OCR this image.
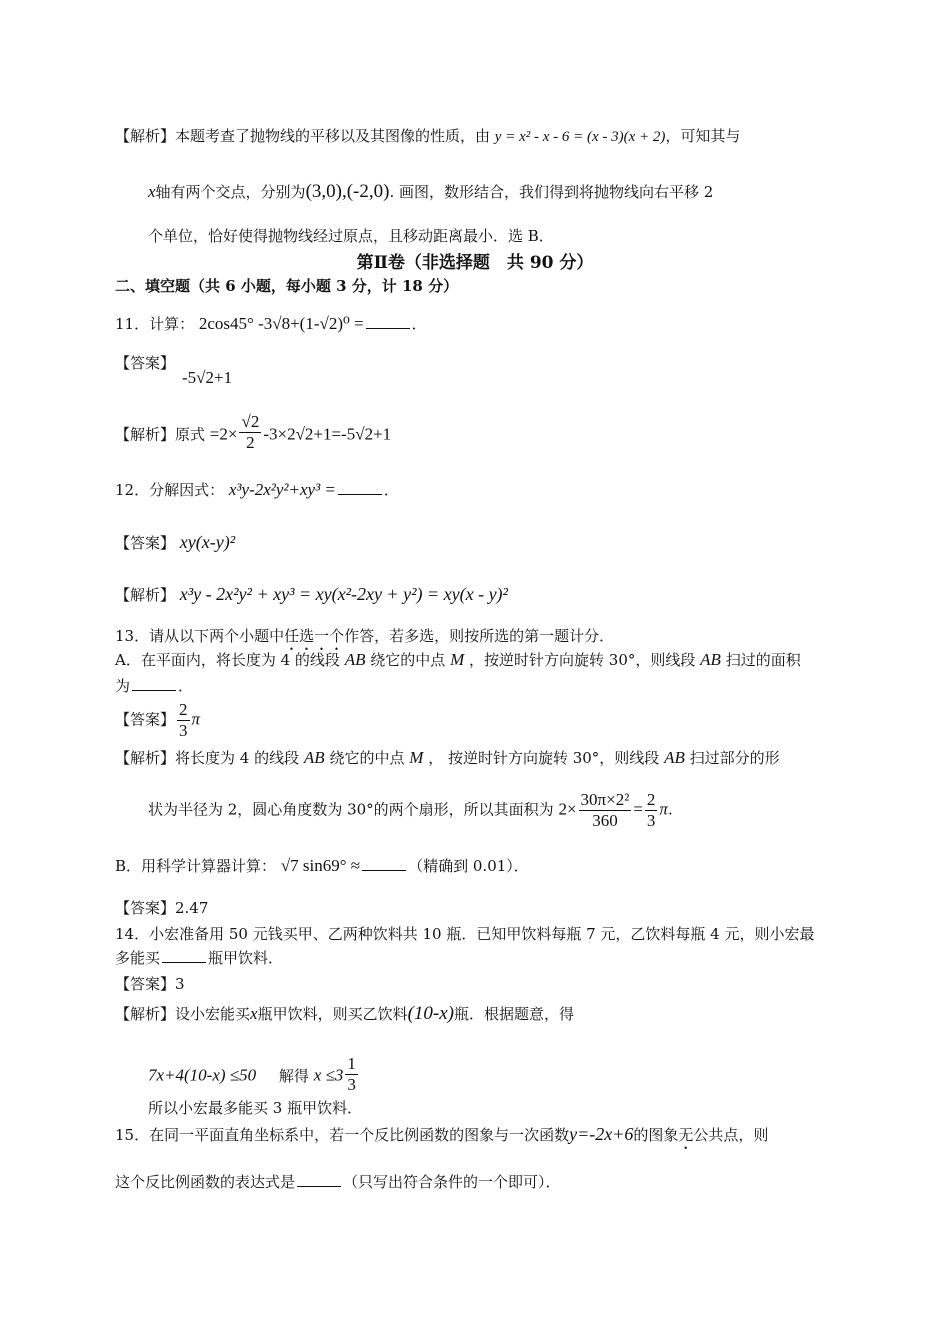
【解析】本题考查了抛物线的平移以及其图像的性质，由 y = x² - x - 6 = (x - 3)(x + 2)，可知其与
x轴有两个交点，分别为(3,0),(-2,0). 画图，数形结合，我们得到将抛物线向右平移 2
个单位，恰好使得抛物线经过原点，且移动距离最小．选 B．
第Ⅱ卷（非选择题　共 90 分）
二、填空题（共 6 小题，每小题 3 分，计 18 分）
11．计算： 2cos45° -3√8+(1-√2)⁰ =	．
【答案】
-5√2+1
【解析】原式 $=2\times \frac{√2}{2} -3\times 2√2+1=-5√2+1$
12．分解因式： x³y-2x²y²+xy³ =	．
【答案】 xy(x-y)²
【解析】 x³y - 2x²y² + xy³ = xy(x²-2xy + y²) = xy(x - y)²
13．请从以下两个小题中任选一个作答，若多选，则按所选的第一题计分．
A．在平面内，将长度为 4 的线段 AB 绕它的中点 M ，按逆时针方向旋转 30°，则线段 AB 扫过的面积
为	．
【答案】 $\frac{2}{3}$ π
【解析】将长度为 4 的线段 AB 绕它的中点 M ， 按逆时针方向旋转 30°，则线段 AB 扫过部分的形
状为半径为 2，圆心角度数为 30°的两个扇形，所以其面积为 $2\times \frac{\text{30π×2²}}{360} = \frac{2}{3} \pi$.
B．用科学计算器计算： √7 sin69° ≈	（精确到 0.01）．
【答案】2.47
14．小宏准备用 50 元钱买甲、乙两种饮料共 10 瓶．已知甲饮料每瓶 7 元，乙饮料每瓶 4 元，则小宏最
多能买	瓶甲饮料．
【答案】3
【解析】设小宏能买x瓶甲饮料，则买乙饮料(10-x)瓶．根据题意，得
7x+4(10-x) ≤50 解得 $x \le 3 \frac{1}{3}$
所以小宏最多能买 3 瓶甲饮料．
15．在同一平面直角坐标系中，若一个反比例函数的图象与一次函数y=-2x+6的图象无公共点，则
这个反比例函数的表达式是	（只写出符合条件的一个即可）．
